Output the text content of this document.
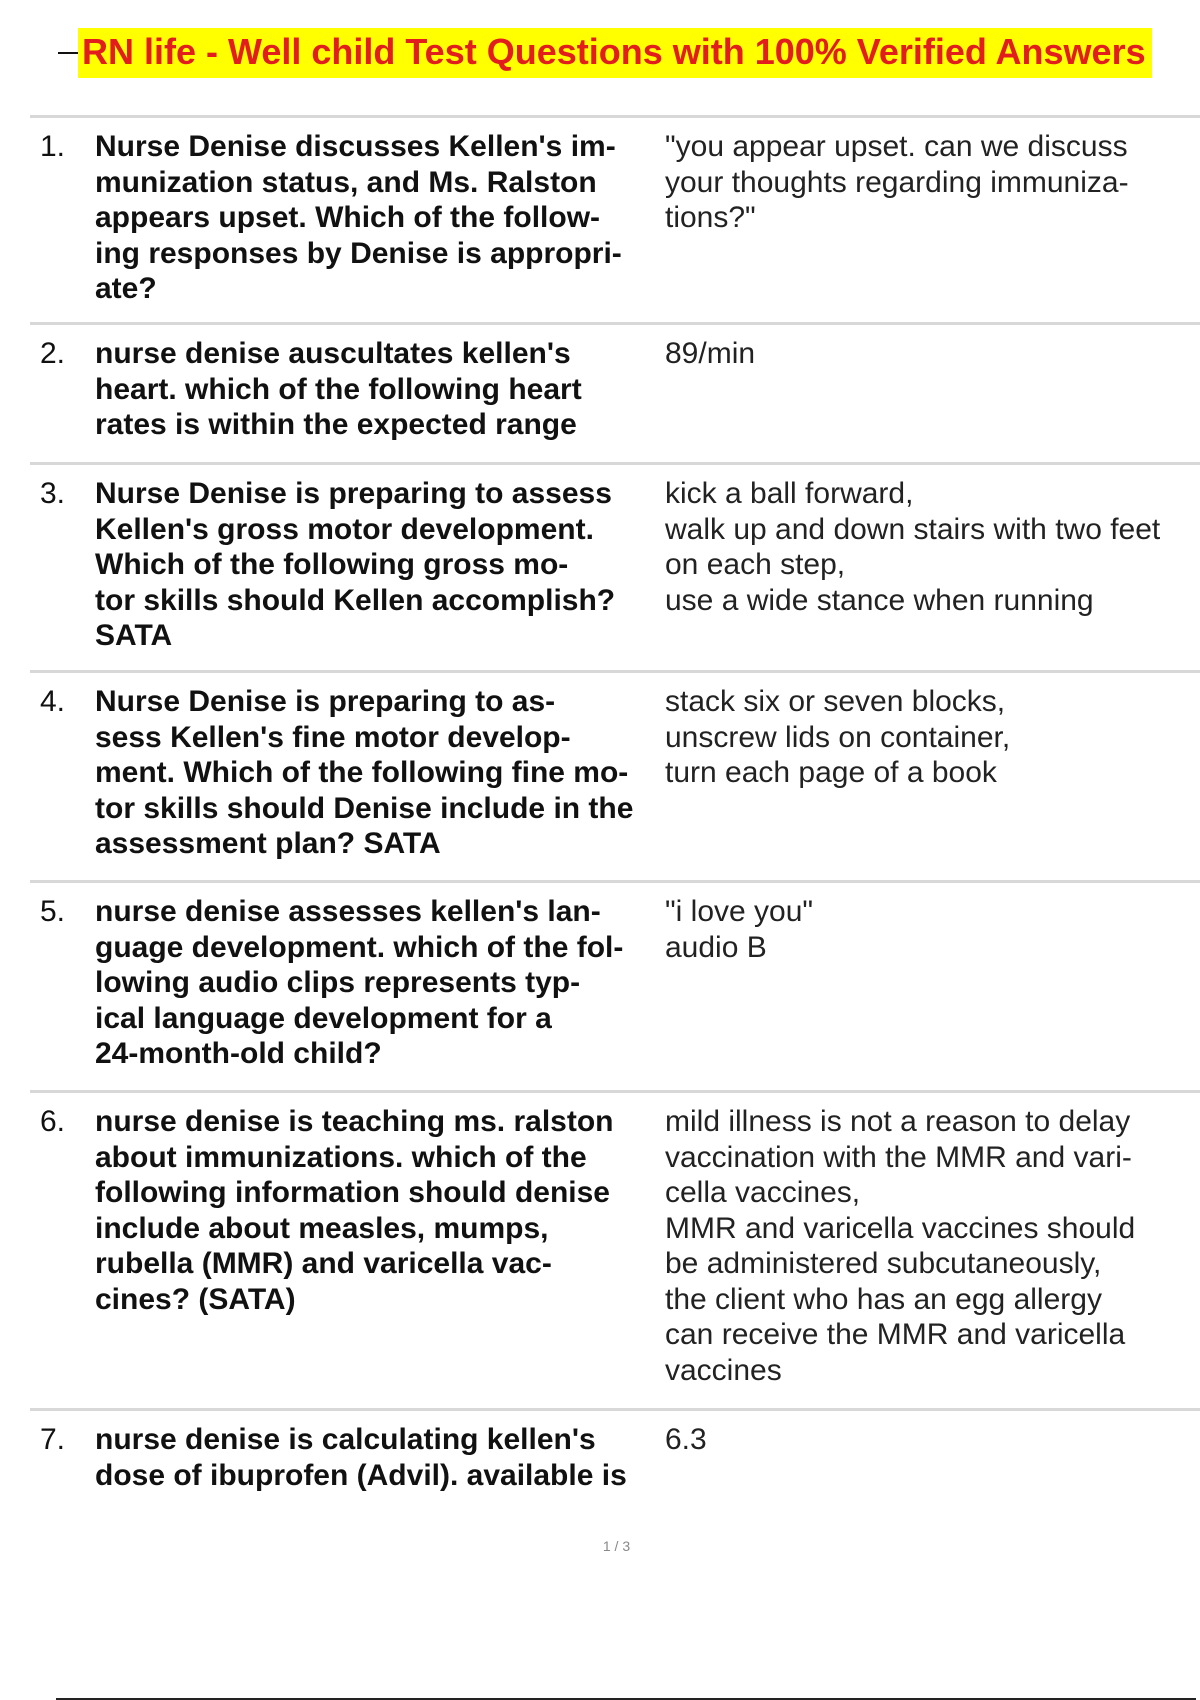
RN life - Well child Test Questions with 100% Verified Answers
1. Nurse Denise discusses Kellen's im-
munization status, and Ms. Ralston
appears upset. Which of the follow-
ing responses by Denise is appropri-
ate?
"you appear upset. can we discuss
your thoughts regarding immuniza-
tions?"
2. nurse denise auscultates kellen's
heart. which of the following heart
rates is within the expected range
89/min
3. Nurse Denise is preparing to assess
Kellen's gross motor development.
Which of the following gross mo-
tor skills should Kellen accomplish?
SATA
kick a ball forward,
walk up and down stairs with two feet
on each step,
use a wide stance when running
4. Nurse Denise is preparing to as-
sess Kellen's fine motor develop-
ment. Which of the following fine mo-
tor skills should Denise include in the
assessment plan? SATA
stack six or seven blocks,
unscrew lids on container,
turn each page of a book
5. nurse denise assesses kellen's lan-
guage development. which of the fol-
lowing audio clips represents typ-
ical language development for a
24-month-old child?
"i love you"
audio B
6. nurse denise is teaching ms. ralston
about immunizations. which of the
following information should denise
include about measles, mumps,
rubella (MMR) and varicella vac-
cines? (SATA)
mild illness is not a reason to delay
vaccination with the MMR and vari-
cella vaccines,
MMR and varicella vaccines should
be administered subcutaneously,
the client who has an egg allergy
can receive the MMR and varicella
vaccines
7. nurse denise is calculating kellen's
dose of ibuprofen (Advil). available is
6.3
1 / 3
